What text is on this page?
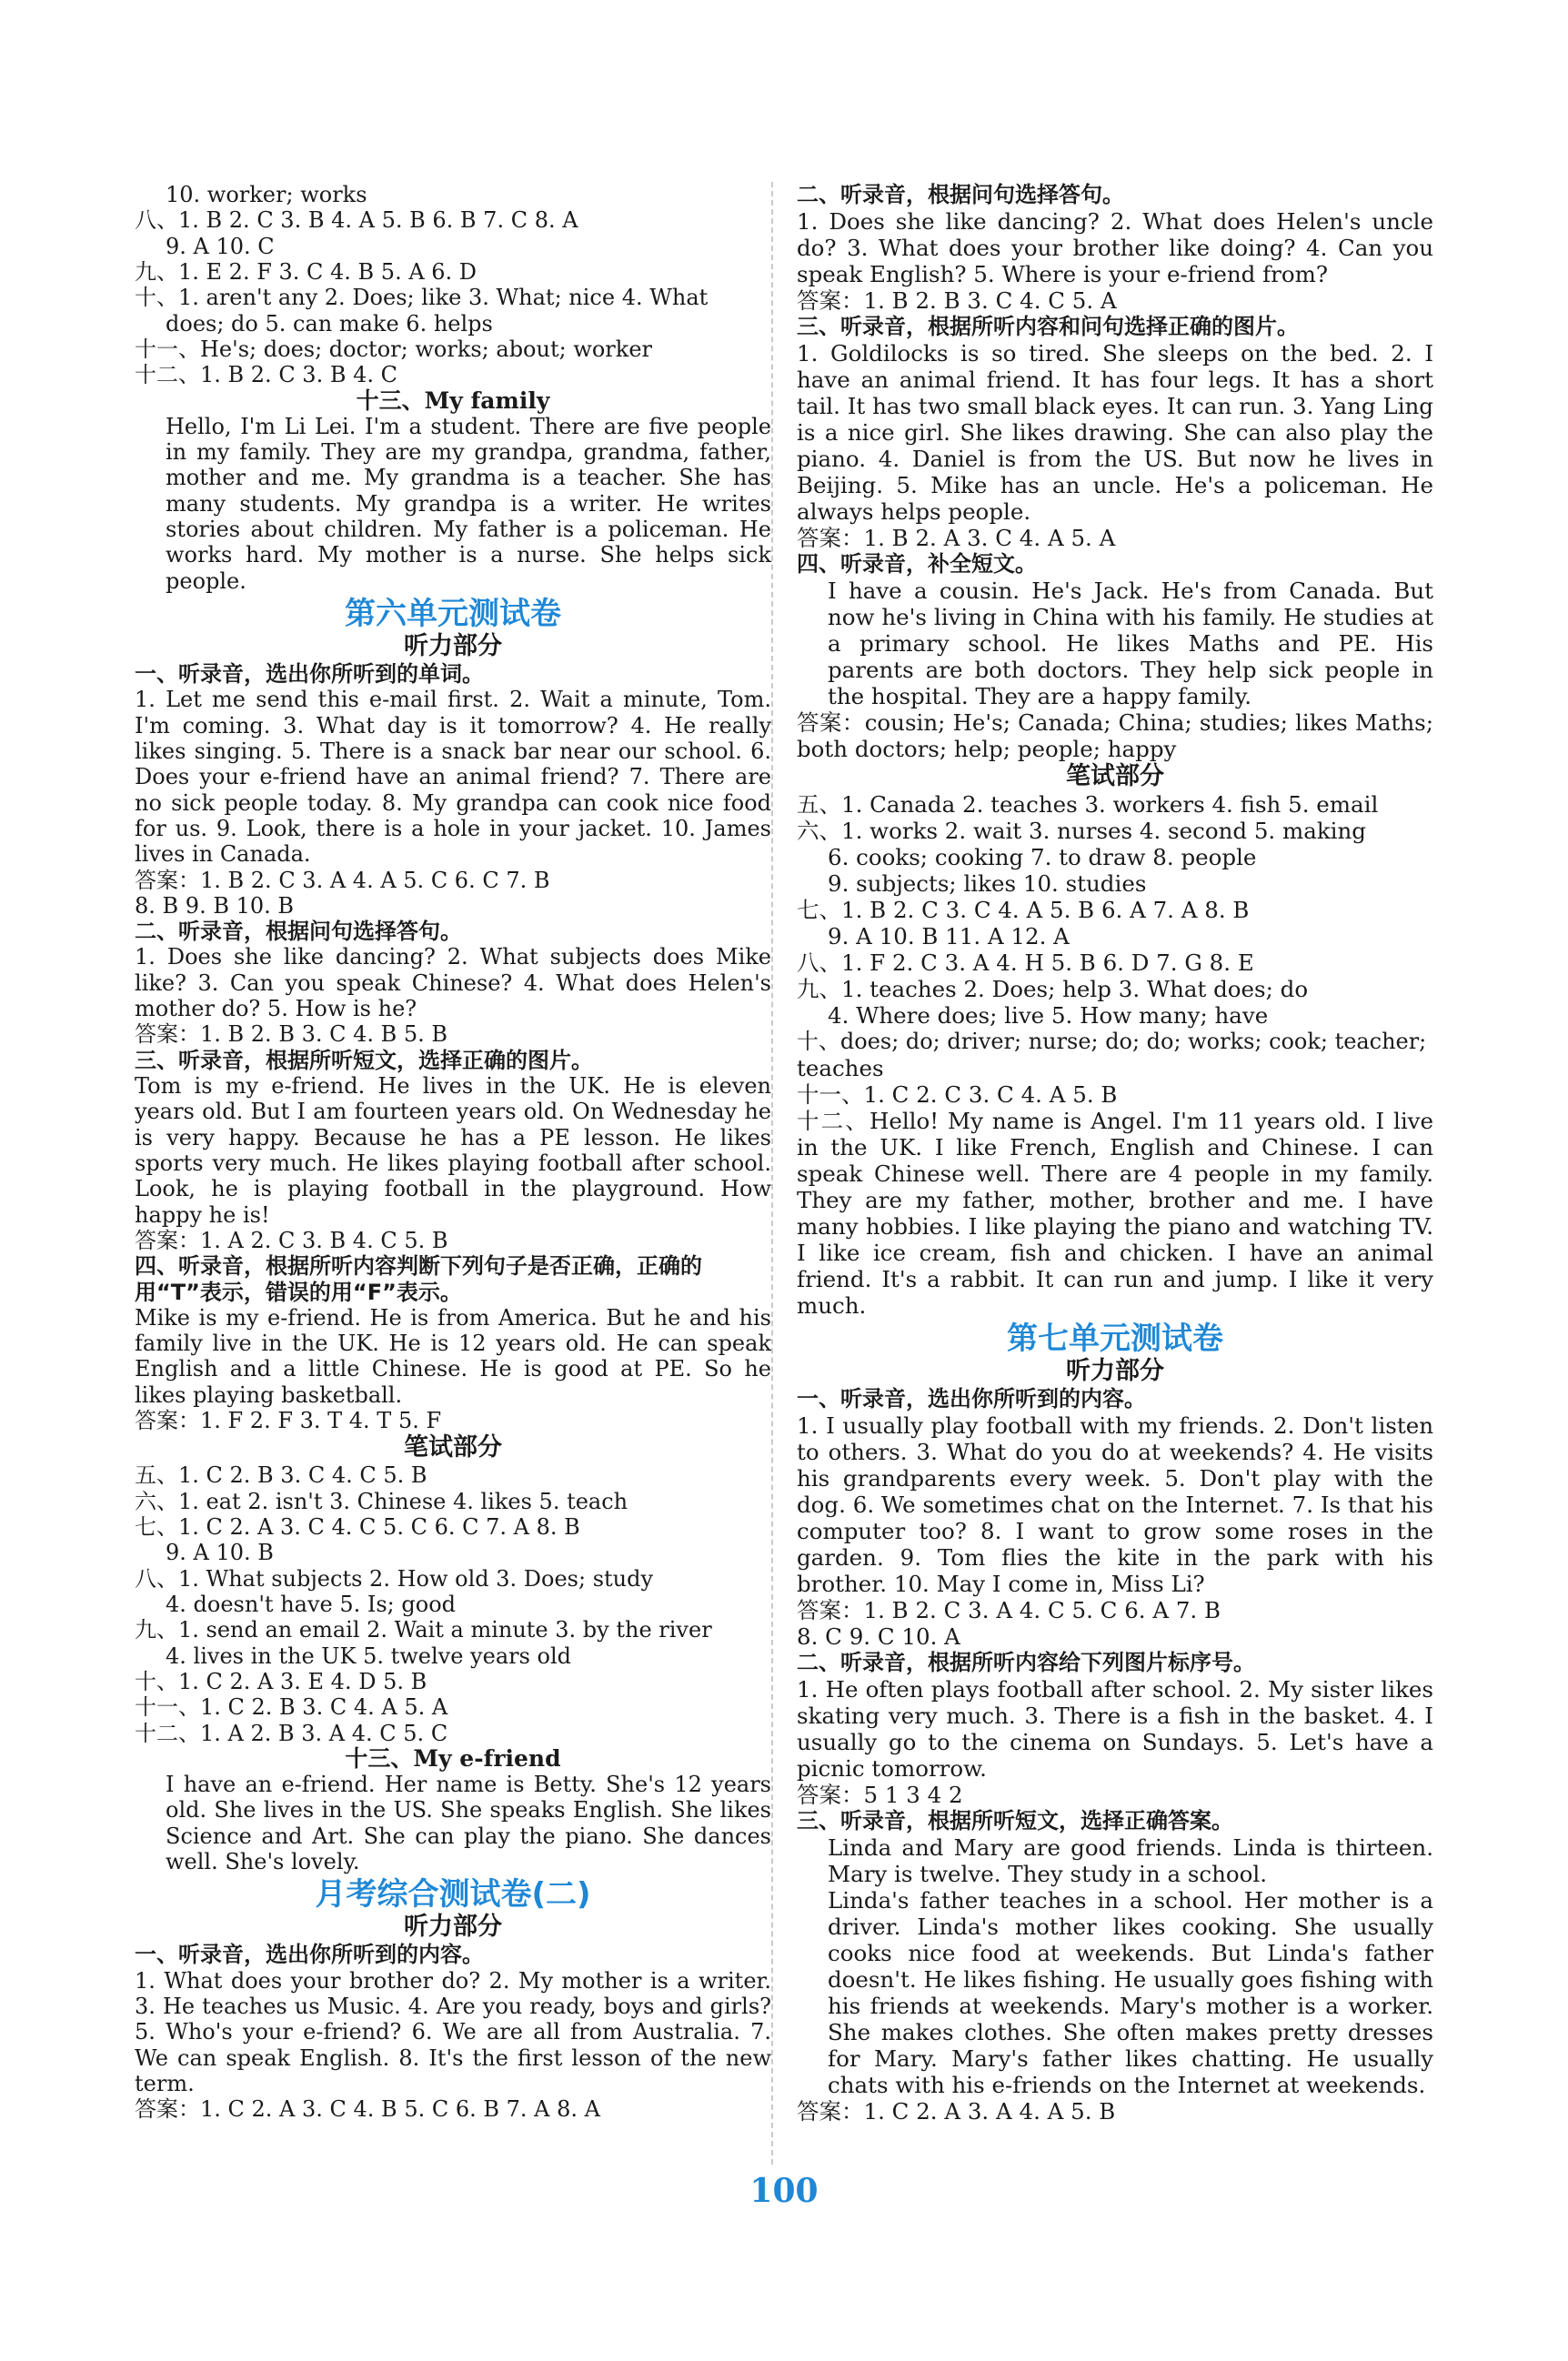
10. worker; works
八、1. B 2. C 3. B 4. A 5. B 6. B 7. C 8. A
9. A 10. C
九、1. E 2. F 3. C 4. B 5. A 6. D
十、1. aren't any 2. Does; like 3. What; nice 4. What
does; do 5. can make 6. helps
十一、He's; does; doctor; works; about; worker
十二、1. B 2. C 3. B 4. C
十三、My family
Hello, I'm Li Lei. I'm a student. There are five people in my family. They are my grandpa, grandma, father, mother and me. My grandma is a teacher. She has many students. My grandpa is a writer. He writes stories about children. My father is a policeman. He works hard. My mother is a nurse. She helps sick people.
第六单元测试卷
听力部分
一、听录音，选出你所听到的单词。
1. Let me send this e-mail first. 2. Wait a minute, Tom. I'm coming. 3. What day is it tomorrow? 4. He really likes singing. 5. There is a snack bar near our school. 6. Does your e-friend have an animal friend? 7. There are no sick people today. 8. My grandpa can cook nice food for us. 9. Look, there is a hole in your jacket. 10. James lives in Canada.
答案：1. B 2. C 3. A 4. A 5. C 6. C 7. B
8. B 9. B 10. B
二、听录音，根据问句选择答句。
1. Does she like dancing? 2. What subjects does Mike like? 3. Can you speak Chinese? 4. What does Helen's mother do? 5. How is he?
答案：1. B 2. B 3. C 4. B 5. B
三、听录音，根据所听短文，选择正确的图片。
Tom is my e-friend. He lives in the UK. He is eleven years old. But I am fourteen years old. On Wednesday he is very happy. Because he has a PE lesson. He likes sports very much. He likes playing football after school. Look, he is playing football in the playground. How happy he is!
答案：1. A 2. C 3. B 4. C 5. B
四、听录音，根据所听内容判断下列句子是否正确，正确的
用“T”表示，错误的用“F”表示。
Mike is my e-friend. He is from America. But he and his family live in the UK. He is 12 years old. He can speak English and a little Chinese. He is good at PE. So he likes playing basketball.
答案：1. F 2. F 3. T 4. T 5. F
笔试部分
五、1. C 2. B 3. C 4. C 5. B
六、1. eat 2. isn't 3. Chinese 4. likes 5. teach
七、1. C 2. A 3. C 4. C 5. C 6. C 7. A 8. B
9. A 10. B
八、1. What subjects 2. How old 3. Does; study
4. doesn't have 5. Is; good
九、1. send an email 2. Wait a minute 3. by the river
4. lives in the UK 5. twelve years old
十、1. C 2. A 3. E 4. D 5. B
十一、1. C 2. B 3. C 4. A 5. A
十二、1. A 2. B 3. A 4. C 5. C
十三、My e-friend
I have an e-friend. Her name is Betty. She's 12 years old. She lives in the US. She speaks English. She likes Science and Art. She can play the piano. She dances well. She's lovely.
月考综合测试卷(二)
听力部分
一、听录音，选出你所听到的内容。
1. What does your brother do? 2. My mother is a writer. 3. He teaches us Music. 4. Are you ready, boys and girls? 5. Who's your e-friend? 6. We are all from Australia. 7. We can speak English. 8. It's the first lesson of the new term.
答案：1. C 2. A 3. C 4. B 5. C 6. B 7. A 8. A
二、听录音，根据问句选择答句。
1. Does she like dancing? 2. What does Helen's uncle do? 3. What does your brother like doing? 4. Can you speak English? 5. Where is your e-friend from?
答案：1. B 2. B 3. C 4. C 5. A
三、听录音，根据所听内容和问句选择正确的图片。
1. Goldilocks is so tired. She sleeps on the bed. 2. I have an animal friend. It has four legs. It has a short tail. It has two small black eyes. It can run. 3. Yang Ling is a nice girl. She likes drawing. She can also play the piano. 4. Daniel is from the US. But now he lives in Beijing. 5. Mike has an uncle. He's a policeman. He always helps people.
答案：1. B 2. A 3. C 4. A 5. A
四、听录音，补全短文。
I have a cousin. He's Jack. He's from Canada. But now he's living in China with his family. He studies at a primary school. He likes Maths and PE. His parents are both doctors. They help sick people in the hospital. They are a happy family.
答案：cousin; He's; Canada; China; studies; likes Maths; both doctors; help; people; happy
笔试部分
五、1. Canada 2. teaches 3. workers 4. fish 5. email
六、1. works 2. wait 3. nurses 4. second 5. making
6. cooks; cooking 7. to draw 8. people
9. subjects; likes 10. studies
七、1. B 2. C 3. C 4. A 5. B 6. A 7. A 8. B
9. A 10. B 11. A 12. A
八、1. F 2. C 3. A 4. H 5. B 6. D 7. G 8. E
九、1. teaches 2. Does; help 3. What does; do
4. Where does; live 5. How many; have
十、does; do; driver; nurse; do; do; works; cook; teacher;
teaches
十一、1. C 2. C 3. C 4. A 5. B
十二、Hello! My name is Angel. I'm 11 years old. I live in the UK. I like French, English and Chinese. I can speak Chinese well. There are 4 people in my family. They are my father, mother, brother and me. I have many hobbies. I like playing the piano and watching TV. I like ice cream, fish and chicken. I have an animal friend. It's a rabbit. It can run and jump. I like it very much.
第七单元测试卷
听力部分
一、听录音，选出你所听到的内容。
1. I usually play football with my friends. 2. Don't listen to others. 3. What do you do at weekends? 4. He visits his grandparents every week. 5. Don't play with the dog. 6. We sometimes chat on the Internet. 7. Is that his computer too? 8. I want to grow some roses in the garden. 9. Tom flies the kite in the park with his brother. 10. May I come in, Miss Li?
答案：1. B 2. C 3. A 4. C 5. C 6. A 7. B
8. C 9. C 10. A
二、听录音，根据所听内容给下列图片标序号。
1. He often plays football after school. 2. My sister likes skating very much. 3. There is a fish in the basket. 4. I usually go to the cinema on Sundays. 5. Let's have a picnic tomorrow.
答案：5 1 3 4 2
三、听录音，根据所听短文，选择正确答案。
Linda and Mary are good friends. Linda is thirteen. Mary is twelve. They study in a school.
Linda's father teaches in a school. Her mother is a driver. Linda's mother likes cooking. She usually cooks nice food at weekends. But Linda's father doesn't. He likes fishing. He usually goes fishing with his friends at weekends. Mary's mother is a worker. She makes clothes. She often makes pretty dresses for Mary. Mary's father likes chatting. He usually chats with his e-friends on the Internet at weekends.
答案：1. C 2. A 3. A 4. A 5. B
100
